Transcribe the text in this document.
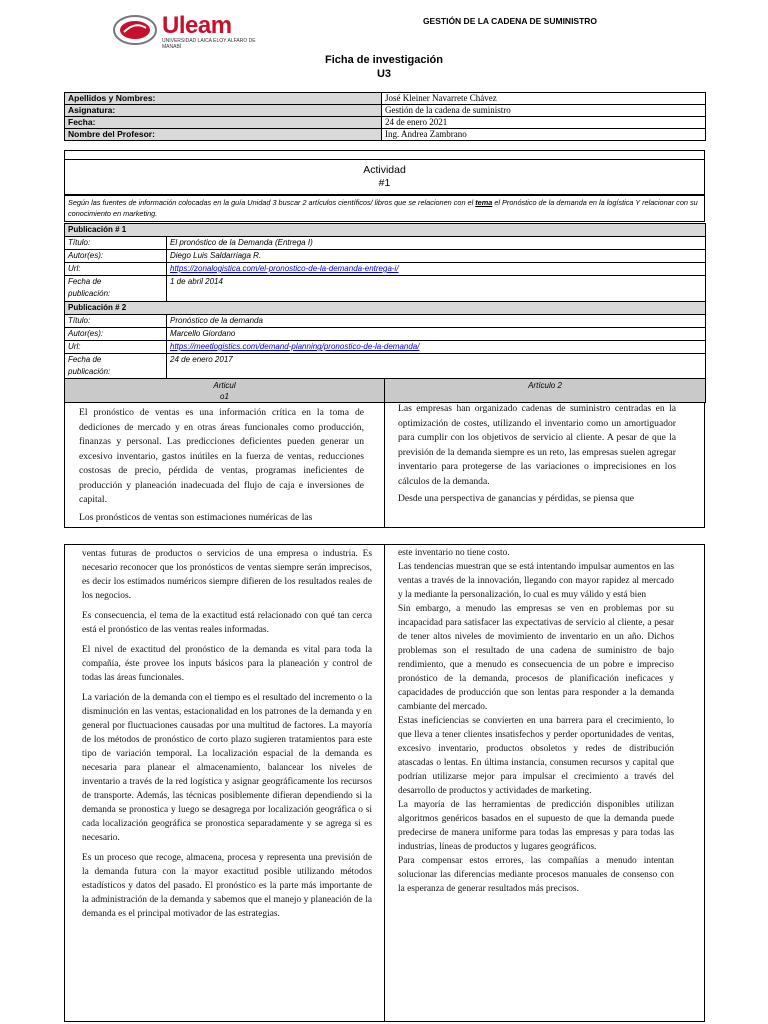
Uleam
UNIVERSIDAD LAICA ELOY ALFARO DE MANABÍ
GESTIÓN DE LA CADENA DE SUMINISTRO
Ficha de investigación
U3
Apellidos y Nombres:	José Kleiner Navarrete Chávez
Asignatura:	Gestión de la cadena de suministro
Fecha:	24 de enero 2021
Nombre del Profesor:	Ing. Andrea Zambrano
Actividad
#1
Según las fuentes de información colocadas en la guía Unidad 3 buscar 2 artículos científicos/ libros que se relacionen con el tema el Pronóstico de la demanda en la logística Y relacionar con su conocimiento en marketing.
Publicación # 1	
Título:	El pronóstico de la Demanda (Entrega I)
Autor(es):	Diego Luis Saldarriaga R.
Url:	https://zonalogistica.com/el-pronostico-de-la-demanda-entrega-i/
Fecha de
publicación:	1 de abril 2014
Publicación # 2	
Título:	Pronóstico de la demanda
Autor(es):	Marcello Giordano
Url:	https://meetlogistics.com/demand-planning/pronostico-de-la-demanda/
Fecha de
publicación:	24 de enero 2017
Articul
o1	Artículo 2

El pronóstico de ventas es una información crítica en la toma de dediciones de mercado y en otras áreas funcionales como producción, finanzas y personal. Las predicciones deficientes pueden generar un excesivo inventario, gastos inútiles en la fuerza de ventas, reducciones costosas de precio, pérdida de ventas, programas ineficientes de producción y planeación inadecuada del flujo de caja e inversiones de capital.

Los pronósticos de ventas son estimaciones numéricas de las

Las empresas han organizado cadenas de suministro centradas en la optimización de costes, utilizando el inventario como un amortiguador para cumplir con los objetivos de servicio al cliente. A pesar de que la previsión de la demanda siempre es un reto, las empresas suelen agregar inventario para protegerse de las variaciones o imprecisiones en los cálculos de la demanda.

Desde una perspectiva de ganancias y pérdidas, se piensa que

ventas futuras de productos o servicios de una empresa o industria. Es necesario reconocer que los pronósticos de ventas siempre serán imprecisos, es decir los estimados numéricos siempre difieren de los resultados reales de los negocios.

Es consecuencia, el tema de la exactitud está relacionado con qué tan cerca está el pronóstico de las ventas reales informadas.

El nivel de exactitud del pronóstico de la demanda es vital para toda la compañía, éste provee los inputs básicos para la planeación y control de todas las áreas funcionales.

La variación de la demanda con el tiempo es el resultado del incremento o la disminución en las ventas, estacionalidad en los patrones de la demanda y en general por fluctuaciones causadas por una multitud de factores. La mayoría de los métodos de pronóstico de corto plazo sugieren tratamientos para este tipo de variación temporal. La localización espacial de la demanda es necesaria para planear el almacenamiento, balancear los niveles de inventario a través de la red logística y asignar geográficamente los recursos de transporte. Además, las técnicas posiblemente difieran dependiendo si la demanda se pronostica y luego se desagrega por localización geográfica o si cada localización geográfica se pronostica separadamente y se agrega si es necesario.

Es un proceso que recoge, almacena, procesa y representa una previsión de la demanda futura con la mayor exactitud posible utilizando métodos estadísticos y datos del pasado. El pronóstico es la parte más importante de la administración de la demanda y sabemos que el manejo y planeación de la demanda es el principal motivador de las estrategias.

este inventario no tiene costo.

Las tendencias muestran que se está intentando impulsar aumentos en las ventas a través de la innovación, llegando con mayor rapidez al mercado y la mediante la personalización, lo cual es muy válido y está bien

Sin embargo, a menudo las empresas se ven en problemas por su incapacidad para satisfacer las expectativas de servicio al cliente, a pesar de tener altos niveles de movimiento de inventario en un año. Dichos problemas son el resultado de una cadena de suministro de bajo rendimiento, que a menudo es consecuencia de un pobre e impreciso pronóstico de la demanda, procesos de planificación ineficaces y capacidades de producción que son lentas para responder a la demanda cambiante del mercado.

Estas ineficiencias se convierten en una barrera para el crecimiento, lo que lleva a tener clientes insatisfechos y perder oportunidades de ventas, excesivo inventario, productos obsoletos y redes de distribución atascadas o lentas. En última instancia, consumen recursos y capital que podrían utilizarse mejor para impulsar el crecimiento a través del desarrollo de productos y actividades de marketing.

La mayoría de las herramientas de predicción disponibles utilizan algoritmos genéricos basados en el supuesto de que la demanda puede predecirse de manera uniforme para todas las empresas y para todas las industrias, líneas de productos y lugares geográficos.

Para compensar estos errores, las compañías a menudo intentan solucionar las diferencias mediante procesos manuales de consenso con la esperanza de generar resultados más precisos.
